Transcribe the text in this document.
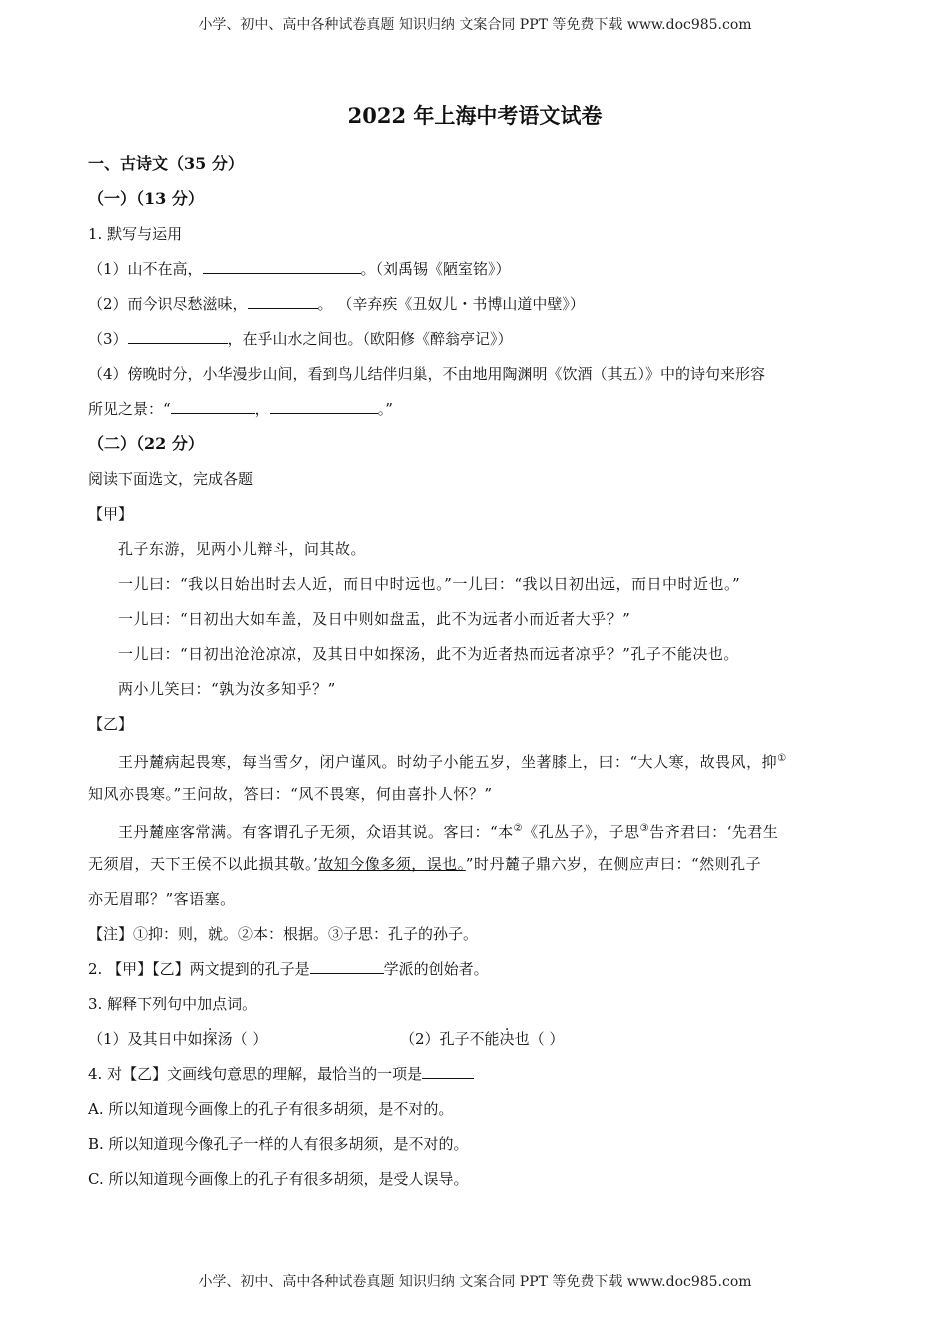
小学、初中、高中各种试卷真题 知识归纳 文案合同 PPT 等免费下载 www.doc985.com
2022 年上海中考语文试卷
一、古诗文（35 分）
（一）（13 分）
1. 默写与运用
（1）山不在高，	。（刘禹锡《陋室铭》）
（2）而今识尽愁滋味，	。 （辛弃疾《丑奴儿・书博山道中壁》）
（3）	，在乎山水之间也。（欧阳修《醉翁亭记》）
（4）傍晚时分，小华漫步山间，看到鸟儿结伴归巢，不由地用陶渊明《饮酒（其五）》中的诗句来形容
所见之景：“	，	。”
（二）（22 分）
阅读下面选文，完成各题
【甲】
孔子东游，见两小儿辩斗，问其故。
一儿曰：“我以日始出时去人近，而日中时远也。”一儿曰：“我以日初出远，而日中时近也。”
一儿曰：“日初出大如车盖，及日中则如盘盂，此不为远者小而近者大乎？”
一儿曰：“日初出沧沧凉凉，及其日中如探汤，此不为近者热而远者凉乎？”孔子不能决也。
两小儿笑曰：“孰为汝多知乎？”
【乙】
王丹麓病起畏寒，每当雪夕，闭户谨风。时幼子小能五岁，坐著膝上，曰：“大人寒，故畏风，抑①
知风亦畏寒。”王问故，答曰：“风不畏寒，何由喜扑人怀？”
王丹麓座客常满。有客谓孔子无须，众语其说。客曰：“本②《孔丛子》，子思③告齐君曰：‘先君生
无须眉，天下王侯不以此损其敬。’故知今像多须，误也。”时丹麓子鼎六岁，在侧应声曰：“然则孔子
亦无眉耶？”客语塞。
【注】①抑：则，就。②本：根据。③子思：孔子的孙子。
2. 【甲】【乙】两文提到的孔子是	学派的创始者。
3. 解释下列句中加点词。
（1）及其日中如探汤（ ）	（2）孔子不能决也（ ）
4. 对【乙】文画线句意思的理解，最恰当的一项是
A. 所以知道现今画像上的孔子有很多胡须，是不对的。
B. 所以知道现今像孔子一样的人有很多胡须，是不对的。
C. 所以知道现今画像上的孔子有很多胡须，是受人误导。
小学、初中、高中各种试卷真题 知识归纳 文案合同 PPT 等免费下载 www.doc985.com
